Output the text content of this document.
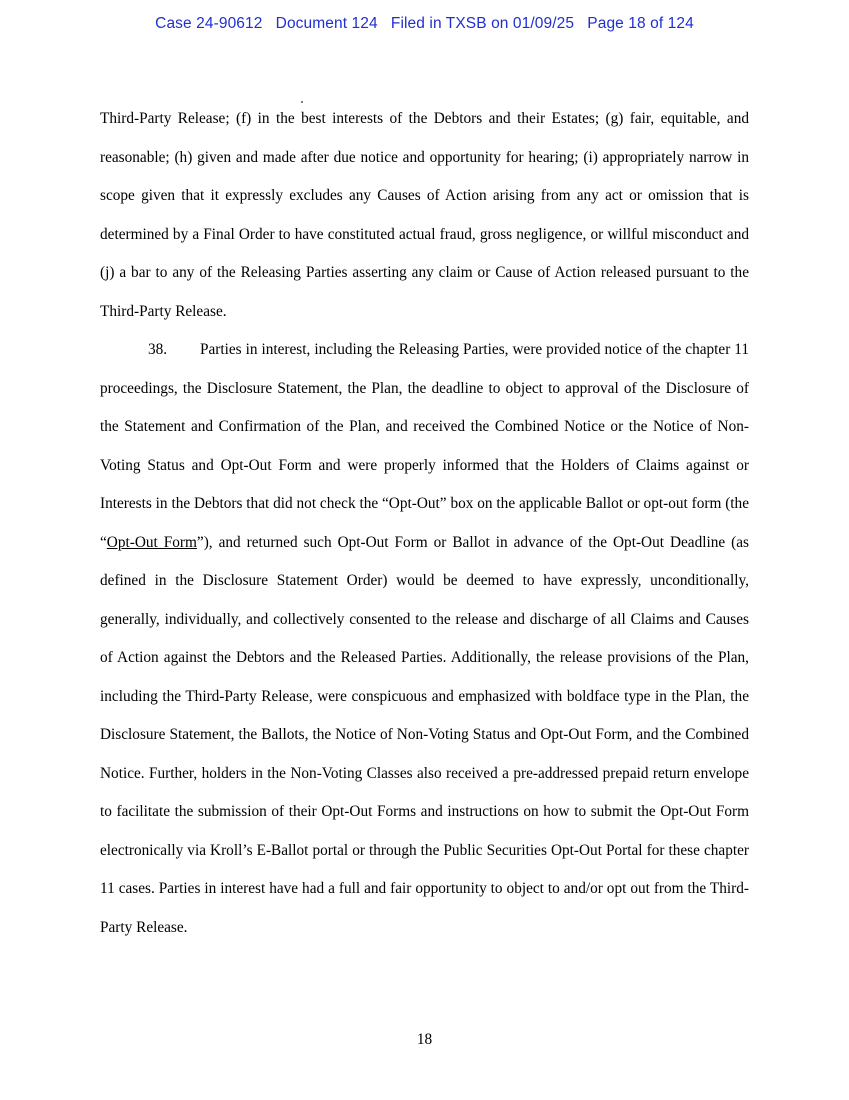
Case 24-90612   Document 124   Filed in TXSB on 01/09/25   Page 18 of 124

Third-Party Release; (f) in the best interests of the Debtors and their Estates; (g) fair, equitable, and reasonable; (h) given and made after due notice and opportunity for hearing; (i) appropriately narrow in scope given that it expressly excludes any Causes of Action arising from any act or omission that is determined by a Final Order to have constituted actual fraud, gross negligence, or willful misconduct and (j) a bar to any of the Releasing Parties asserting any claim or Cause of Action released pursuant to the Third-Party Release.

38. Parties in interest, including the Releasing Parties, were provided notice of the chapter 11 proceedings, the Disclosure Statement, the Plan, the deadline to object to approval of the Disclosure of the Statement and Confirmation of the Plan, and received the Combined Notice or the Notice of Non-Voting Status and Opt-Out Form and were properly informed that the Holders of Claims against or Interests in the Debtors that did not check the “Opt-Out” box on the applicable Ballot or opt-out form (the “Opt-Out Form”), and returned such Opt-Out Form or Ballot in advance of the Opt-Out Deadline (as defined in the Disclosure Statement Order) would be deemed to have expressly, unconditionally, generally, individually, and collectively consented to the release and discharge of all Claims and Causes of Action against the Debtors and the Released Parties. Additionally, the release provisions of the Plan, including the Third-Party Release, were conspicuous and emphasized with boldface type in the Plan, the Disclosure Statement, the Ballots, the Notice of Non-Voting Status and Opt-Out Form, and the Combined Notice. Further, holders in the Non-Voting Classes also received a pre-addressed prepaid return envelope to facilitate the submission of their Opt-Out Forms and instructions on how to submit the Opt-Out Form electronically via Kroll’s E-Ballot portal or through the Public Securities Opt-Out Portal for these chapter 11 cases. Parties in interest have had a full and fair opportunity to object to and/or opt out from the Third-Party Release.

18
